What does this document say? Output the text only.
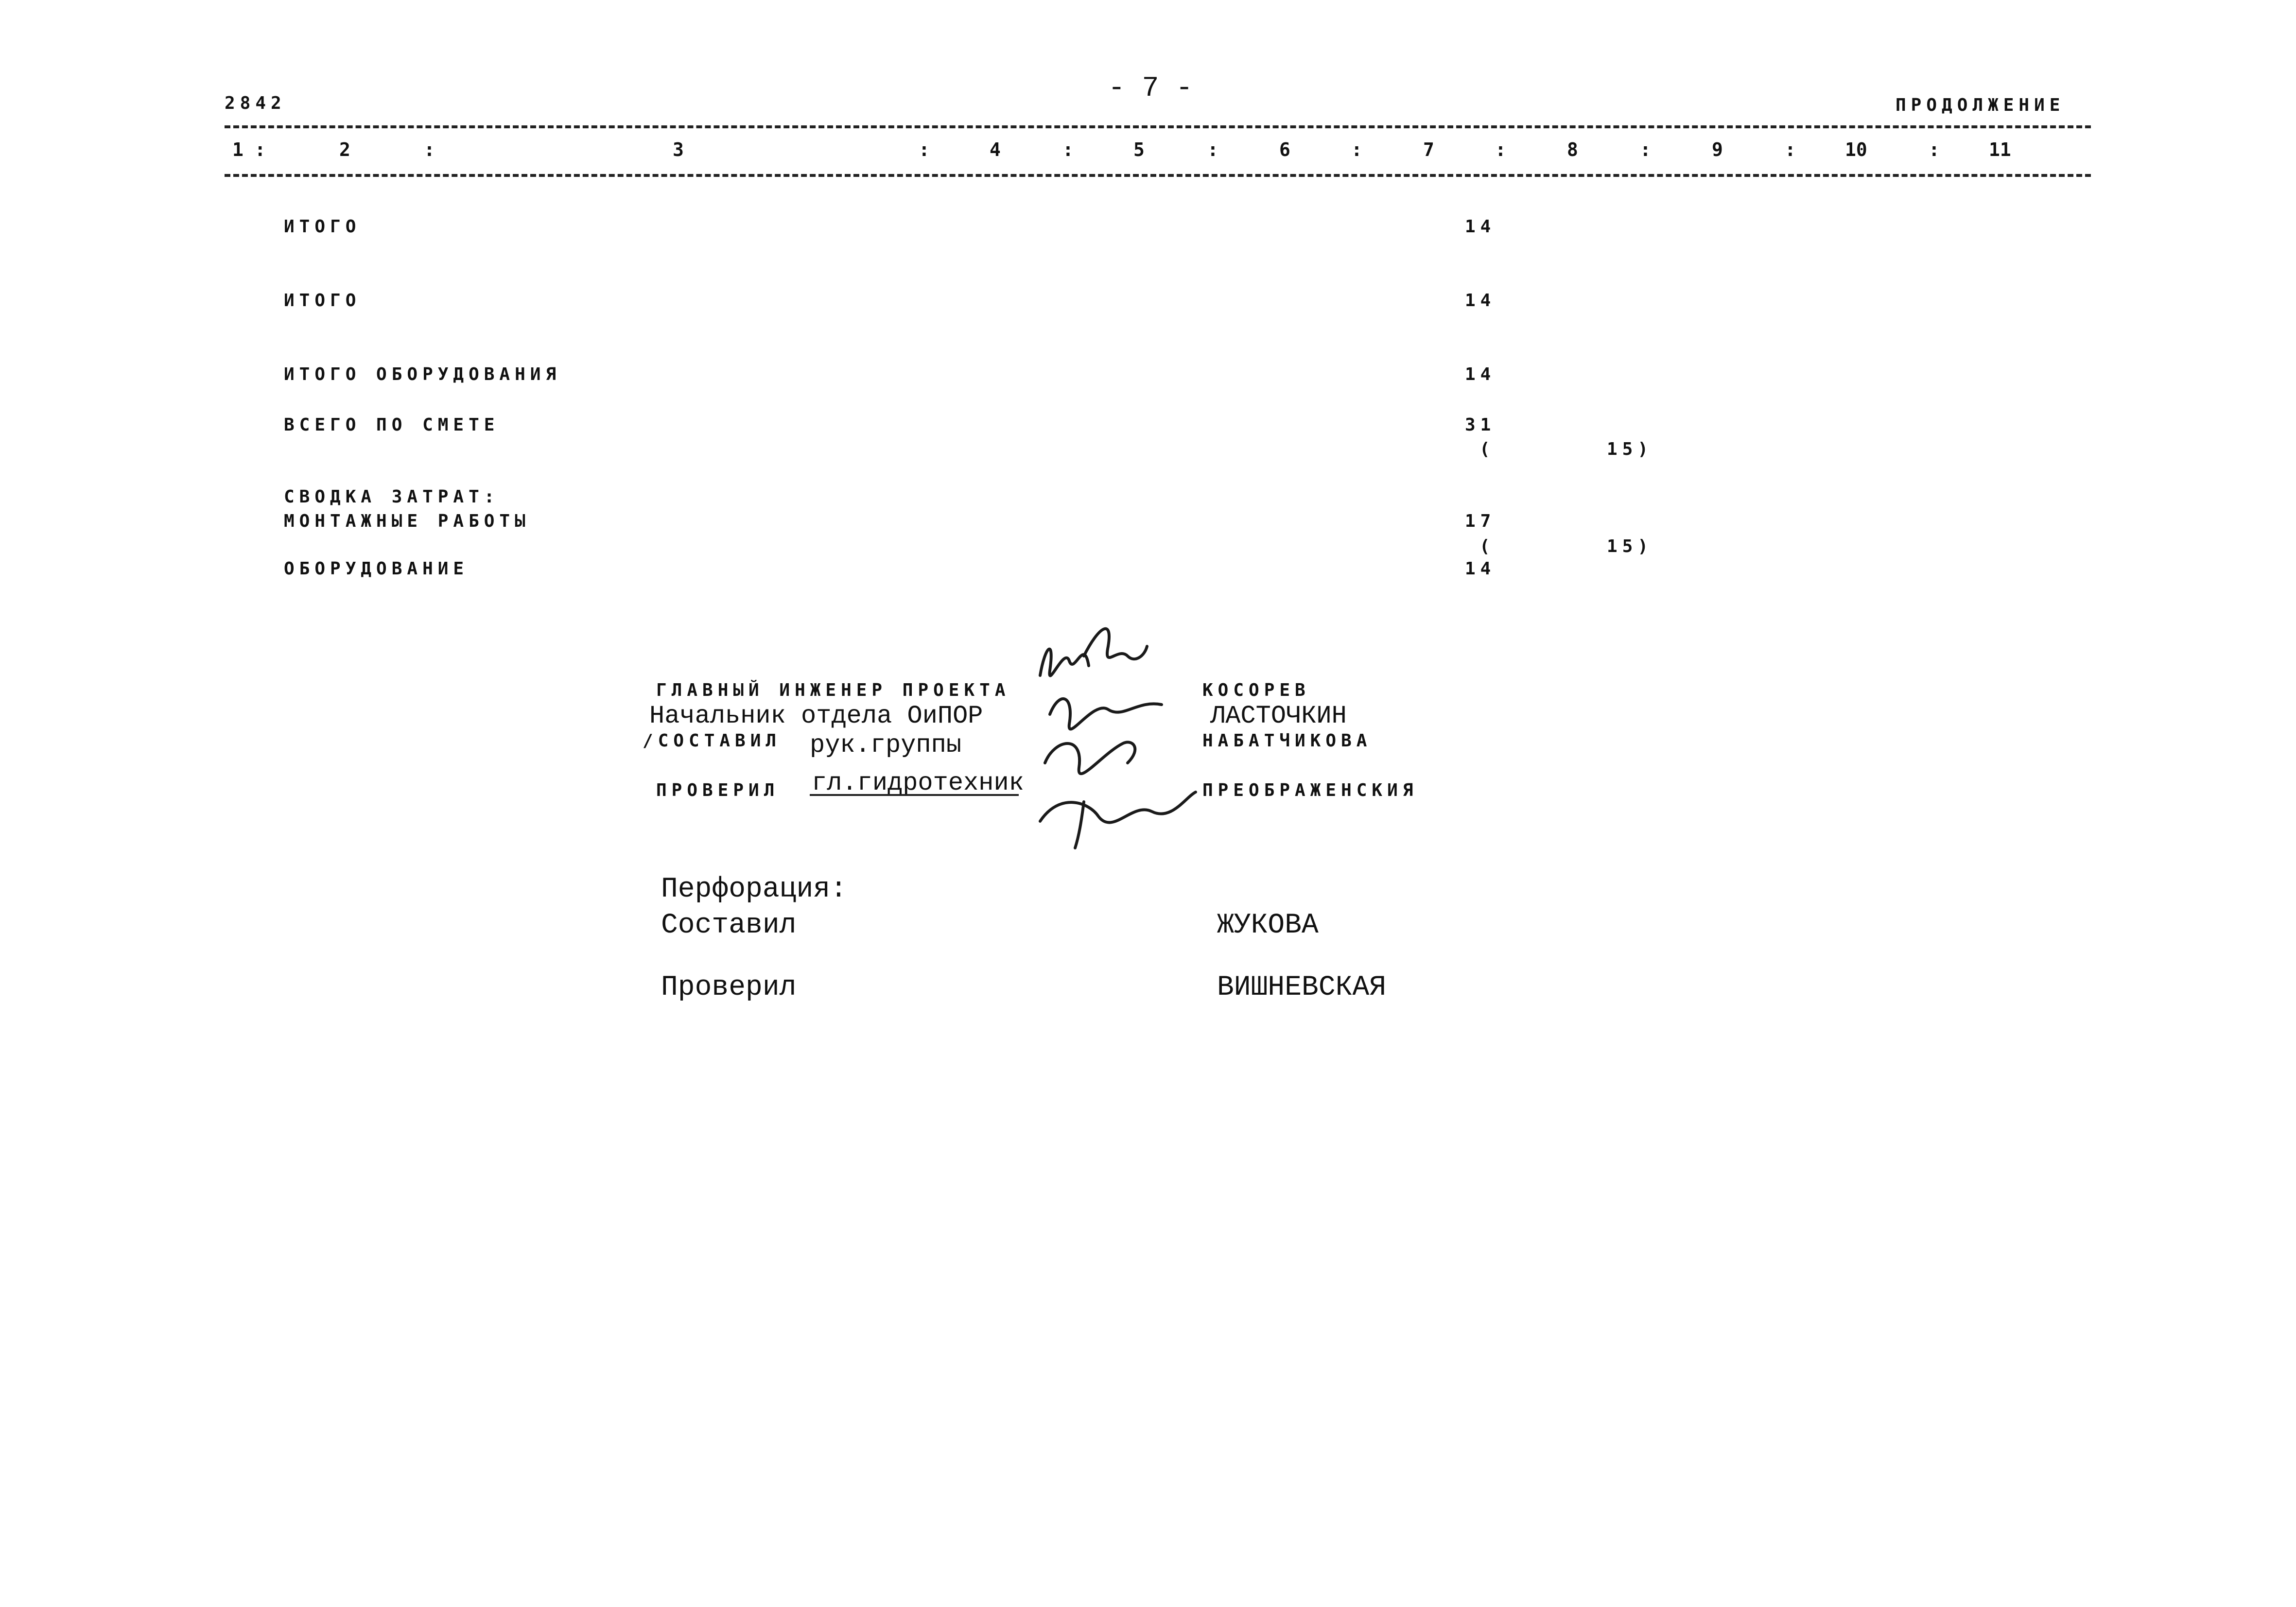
2842	- 7 -
ПРОДОЛЖЕНИЕ
1 :	2	:	3	:	4	:	5	:	6	:	7	:	8	:	9	:	10	:	11
ИТОГО	14
ИТОГО	14
ИТОГО ОБОРУДОВАНИЯ	14
ВСЕГО ПО СМЕТЕ	31
(	15)
СВОДКА ЗАТРАТ:
МОНТАЖНЫЕ РАБОТЫ	17
(	15)
ОБОРУДОВАНИЕ	14
ГЛАВНЫЙ ИНЖЕНЕР ПРОЕКТА	КОСОРЕВ
Начальник отдела ОиПОР	ЛАСТОЧКИН
/СОСТАВИЛ рук.группы	НАБАТЧИКОВА
ПРОВЕРИЛ гл.гидротехник	ПРЕОБРАЖЕНСКИЯ
Перфорация:
Составил	ЖУКОВА
Проверил	ВИШНЕВСКАЯ
